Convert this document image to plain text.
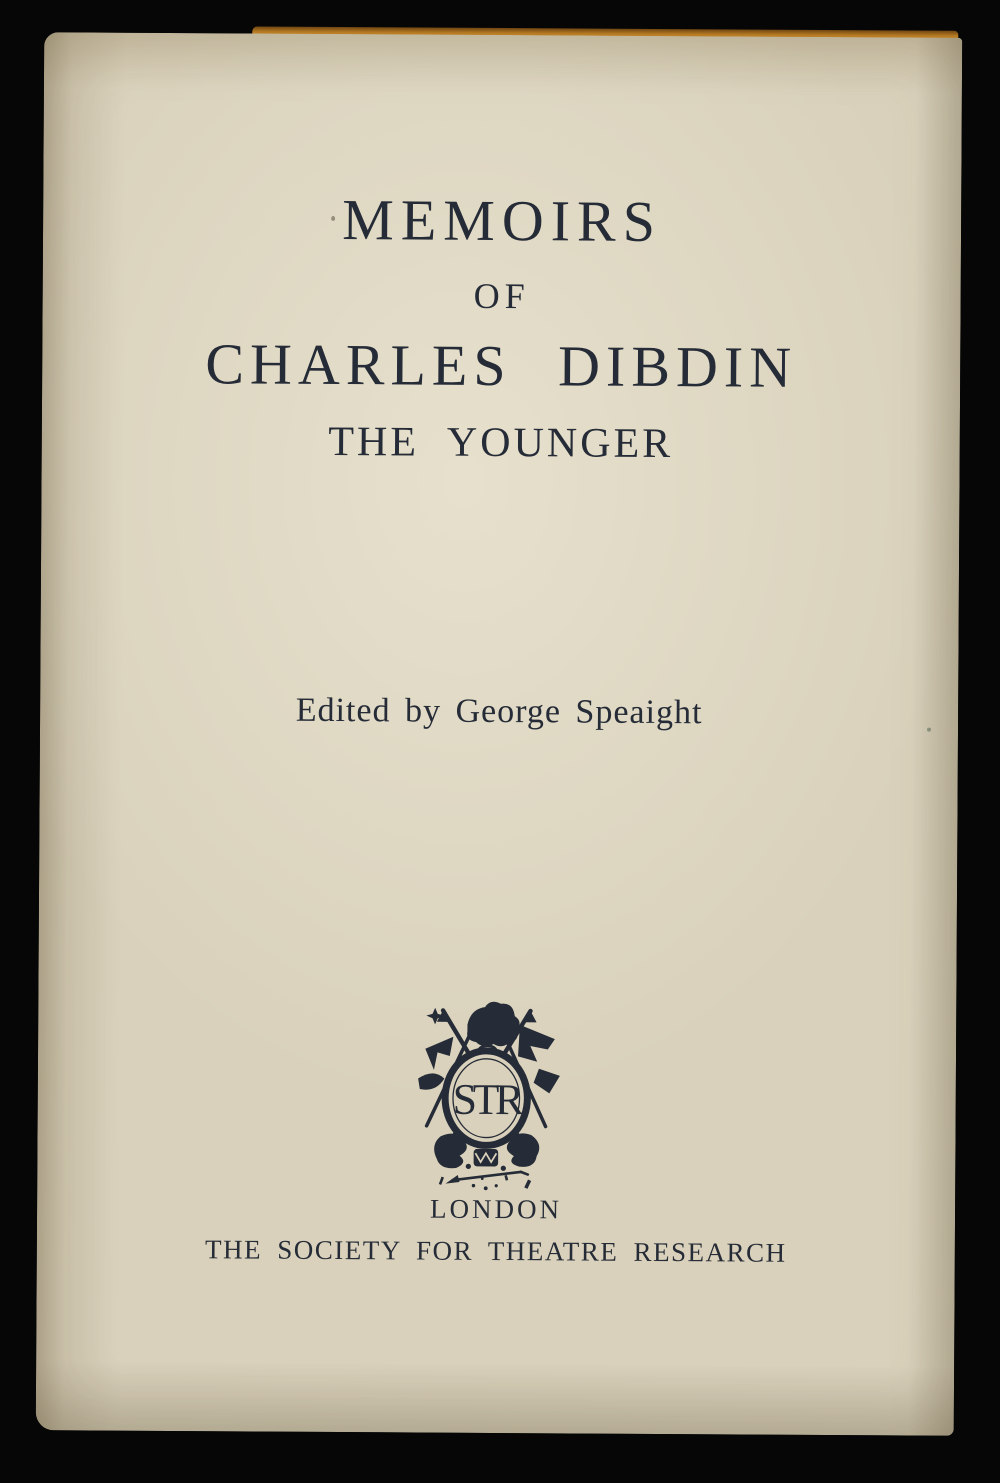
MEMOIRS
OF
CHARLES DIBDIN
THE YOUNGER
Edited by George Speaight
STR
LONDON
THE SOCIETY FOR THEATRE RESEARCH
